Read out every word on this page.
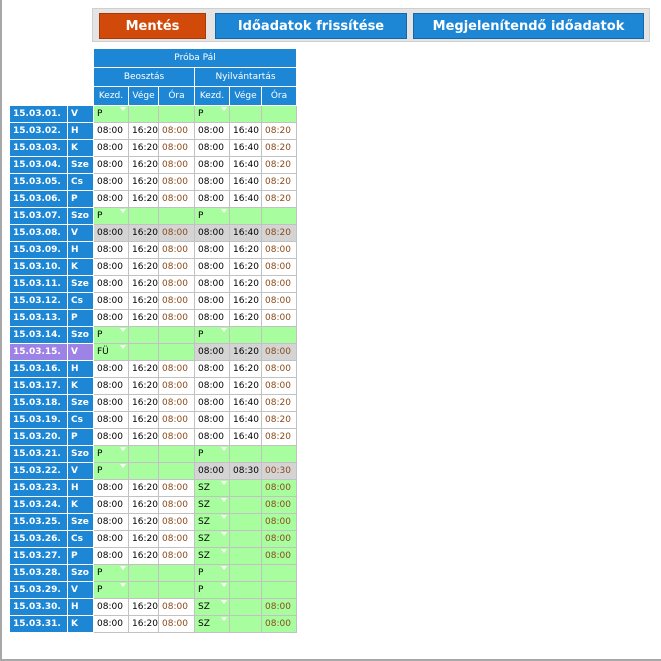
Mentés	Időadatok frissítése	Megjelenítendő időadatok
		Próba Pál					
		Beosztás			Nyilvántartás		
		Kezd.	Vége	Óra	Kezd.	Vége	Óra
15.03.01.	V	P			P

15.03.02.	H	08:00	16:20	08:00	08:00	16:40	08:20
15.03.03.	K	08:00	16:20	08:00	08:00	16:40	08:20
15.03.04.	Sze	08:00	16:20	08:00	08:00	16:40	08:20
15.03.05.	Cs	08:00	16:20	08:00	08:00	16:40	08:20
15.03.06.	P	08:00	16:20	08:00	08:00	16:40	08:20
15.03.07.	Szo	P			P

15.03.08.	V	08:00	16:20	08:00	08:00	16:40	08:20
15.03.09.	H	08:00	16:20	08:00	08:00	16:20	08:00
15.03.10.	K	08:00	16:20	08:00	08:00	16:20	08:00
15.03.11.	Sze	08:00	16:20	08:00	08:00	16:20	08:00
15.03.12.	Cs	08:00	16:20	08:00	08:00	16:20	08:00
15.03.13.	P	08:00	16:20	08:00	08:00	16:20	08:00
15.03.14.	Szo	P			P

15.03.15.	V	FÜ			08:00	16:20	08:00
15.03.16.	H	08:00	16:20	08:00	08:00	16:20	08:00
15.03.17.	K	08:00	16:20	08:00	08:00	16:20	08:00
15.03.18.	Sze	08:00	16:20	08:00	08:00	16:40	08:20
15.03.19.	Cs	08:00	16:20	08:00	08:00	16:40	08:20
15.03.20.	P	08:00	16:20	08:00	08:00	16:40	08:20
15.03.21.	Szo	P			P

15.03.22.	V	P			08:00	08:30	00:30
15.03.23.	H	08:00	16:20	08:00	SZ		08:00
15.03.24.	K	08:00	16:20	08:00	SZ		08:00
15.03.25.	Sze	08:00	16:20	08:00	SZ		08:00
15.03.26.	Cs	08:00	16:20	08:00	SZ		08:00
15.03.27.	P	08:00	16:20	08:00	SZ		08:00
15.03.28.	Szo	P			P

15.03.29.	V	P			P

15.03.30.	H	08:00	16:20	08:00	SZ		08:00
15.03.31.	K	08:00	16:20	08:00	SZ		08:00
